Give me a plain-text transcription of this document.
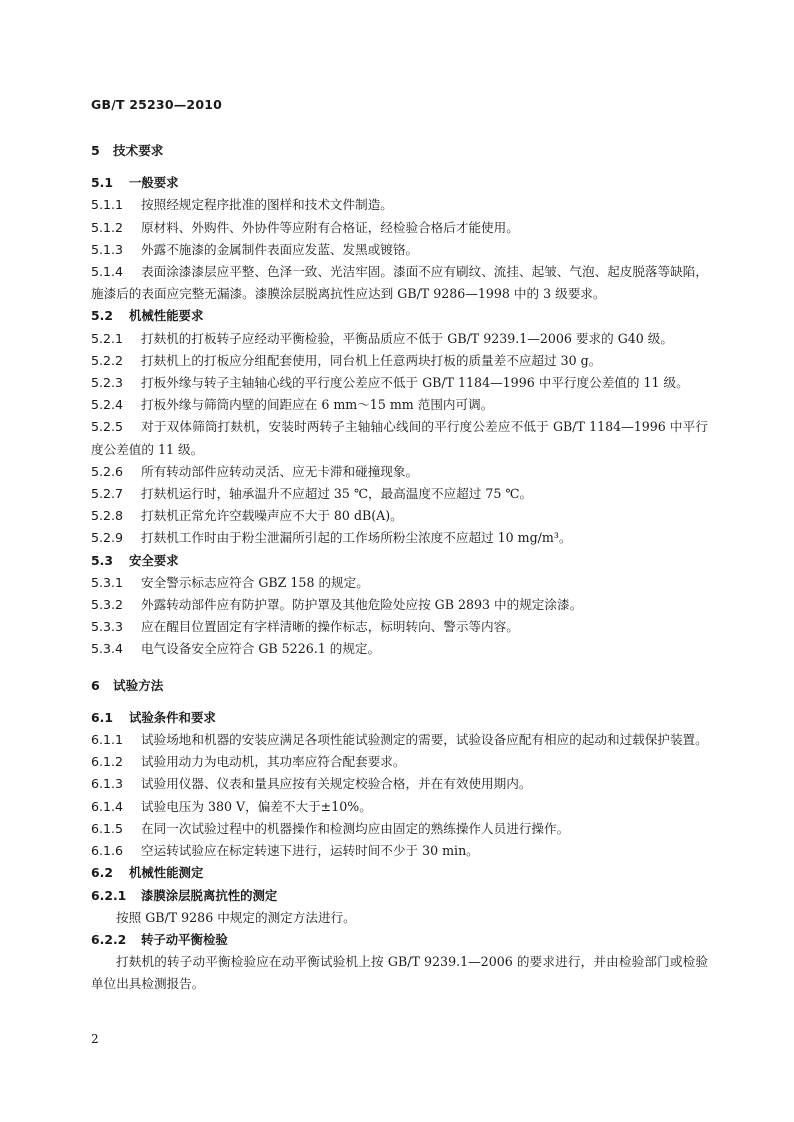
GB/T 25230—2010
5 技术要求
5.1 一般要求
5.1.1 按照经规定程序批准的图样和技术文件制造。
5.1.2 原材料、外购件、外协件等应附有合格证，经检验合格后才能使用。
5.1.3 外露不施漆的金属制件表面应发蓝、发黑或镀铬。
5.1.4 表面涂漆漆层应平整、色泽一致、光洁牢固。漆面不应有刷纹、流挂、起皱、气泡、起皮脱落等缺陷，施漆后的表面应完整无漏漆。漆膜涂层脱离抗性应达到 GB/T 9286—1998 中的 3 级要求。
5.2 机械性能要求
5.2.1 打麸机的打板转子应经动平衡检验，平衡品质应不低于 GB/T 9239.1—2006 要求的 G40 级。
5.2.2 打麸机上的打板应分组配套使用，同台机上任意两块打板的质量差不应超过 30 g。
5.2.3 打板外缘与转子主轴轴心线的平行度公差应不低于 GB/T 1184—1996 中平行度公差值的 11 级。
5.2.4 打板外缘与筛筒内壁的间距应在 6 mm～15 mm 范围内可调。
5.2.5 对于双体筛筒打麸机，安装时两转子主轴轴心线间的平行度公差应不低于 GB/T 1184—1996 中平行度公差值的 11 级。
5.2.6 所有转动部件应转动灵活、应无卡滞和碰撞现象。
5.2.7 打麸机运行时，轴承温升不应超过 35 ℃，最高温度不应超过 75 ℃。
5.2.8 打麸机正常允许空载噪声应不大于 80 dB(A)。
5.2.9 打麸机工作时由于粉尘泄漏所引起的工作场所粉尘浓度不应超过 10 mg/m³。
5.3 安全要求
5.3.1 安全警示标志应符合 GBZ 158 的规定。
5.3.2 外露转动部件应有防护罩。防护罩及其他危险处应按 GB 2893 中的规定涂漆。
5.3.3 应在醒目位置固定有字样清晰的操作标志，标明转向、警示等内容。
5.3.4 电气设备安全应符合 GB 5226.1 的规定。
6 试验方法
6.1 试验条件和要求
6.1.1 试验场地和机器的安装应满足各项性能试验测定的需要，试验设备应配有相应的起动和过载保护装置。
6.1.2 试验用动力为电动机，其功率应符合配套要求。
6.1.3 试验用仪器、仪表和量具应按有关规定校验合格，并在有效使用期内。
6.1.4 试验电压为 380 V，偏差不大于±10%。
6.1.5 在同一次试验过程中的机器操作和检测均应由固定的熟练操作人员进行操作。
6.1.6 空运转试验应在标定转速下进行，运转时间不少于 30 min。
6.2 机械性能测定
6.2.1 漆膜涂层脱离抗性的测定
按照 GB/T 9286 中规定的测定方法进行。
6.2.2 转子动平衡检验
打麸机的转子动平衡检验应在动平衡试验机上按 GB/T 9239.1—2006 的要求进行，并由检验部门或检验单位出具检测报告。
2
